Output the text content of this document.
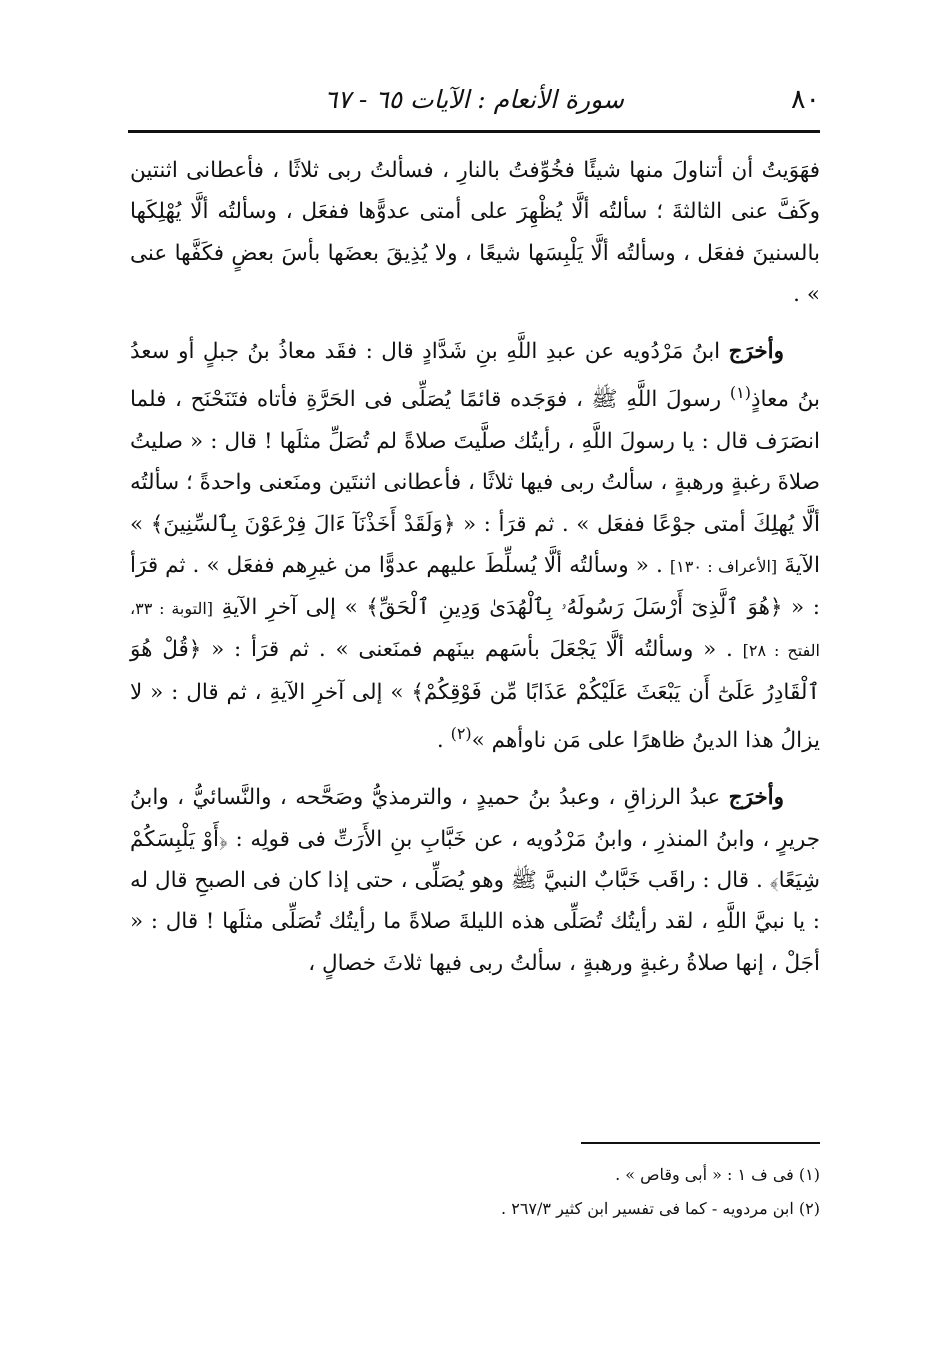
٨٠
سورة الأنعام : الآيات ٦٥ - ٦٧

فهَوَيتُ أن أتناولَ منها شيئًا فخُوِّفتُ بالنارِ ، فسألتُ ربى ثلاثًا ، فأعطانى اثنتين وكَفَّ عنى الثالثةَ ؛ سألتُه ألَّا يُظْهِرَ على أمتى عدوًّها ففعَل ، وسألتُه ألَّا يُهْلِكَها بالسنينَ ففعَل ، وسألتُه ألَّا يَلْبِسَها شيعًا ، ولا يُذِيقَ بعضَها بأسَ بعضٍ فكَفَّها عنى » .

وأخرَج ابنُ مَرْدُويه عن عبدِ اللَّهِ بنِ شَدَّادٍ قال : فقَد معاذُ بنُ جبلٍ أو سعدُ بنُ معاذٍ$^{(١)}$ رسولَ اللَّهِ ﷺ ، فوَجَده قائمًا يُصَلِّى فى الحَرَّةِ فأتاه فتَنَحْنَح ، فلما انصَرَف قال : يا رسولَ اللَّهِ ، رأيتُك صلَّيتَ صلاةً لم تُصَلِّ مثلَها ! قال : « صليتُ صلاةَ رغبةٍ ورهبةٍ ، سألتُ ربى فيها ثلاثًا ، فأعطانى اثنتَين ومنَعنى واحدةً ؛ سألتُه ألَّا يُهلِكَ أمتى جوْعًا ففعَل » . ثم قرَأ : « ﴿وَلَقَدْ أَخَذْنَآ ءَالَ فِرْعَوْنَ بِٱلسِّنِينَ﴾ » الآيةَ [الأعراف : ١٣٠] . « وسألتُه ألَّا يُسلِّطَ عليهم عدوًّا من غيرِهم ففعَل » . ثم قرَأ : « ﴿هُوَ ٱلَّذِىٓ أَرْسَلَ رَسُولَهُۥ بِٱلْهُدَىٰ وَدِينِ ٱلْحَقِّ﴾ » إلى آخرِ الآيةِ [التوبة : ٣٣، الفتح : ٢٨] . « وسألتُه ألَّا يَجْعَلَ بأسَهم بينَهم فمنَعنى » . ثم قرَأ : « ﴿قُلْ هُوَ ٱلْقَادِرُ عَلَىٰٓ أَن يَبْعَثَ عَلَيْكُمْ عَذَابًا مِّن فَوْقِكُمْ﴾ » إلى آخرِ الآيةِ ، ثم قال : « لا يزالُ هذا الدينُ ظاهرًا على مَن ناوأهم »$^{(٢)}$ .

وأخرَج عبدُ الرزاقِ ، وعبدُ بنُ حميدٍ ، والترمذيُّ وصَحَّحه ، والنَّسائيُّ ، وابنُ جريرٍ ، وابنُ المنذرِ ، وابنُ مَرْدُويه ، عن خَبَّابِ بنِ الأَرَتِّ فى قولِه : ﴿أَوْ يَلْبِسَكُمْ شِيَعًا﴾ . قال : راقَب خَبَّابٌ النبيَّ ﷺ وهو يُصَلِّى ، حتى إذا كان فى الصبحِ قال له : يا نبيَّ اللَّهِ ، لقد رأيتُك تُصَلِّى هذه الليلةَ صلاةً ما رأيتُك تُصَلِّى مثلَها ! قال : « أجَلْ ، إنها صلاةُ رغبةٍ ورهبةٍ ، سألتُ ربى فيها ثلاثَ خصالٍ ،

(١) فى ف ١ : « أبى وقاص » .

(٢) ابن مردويه - كما فى تفسير ابن كثير ٢٦٧/٣ .
